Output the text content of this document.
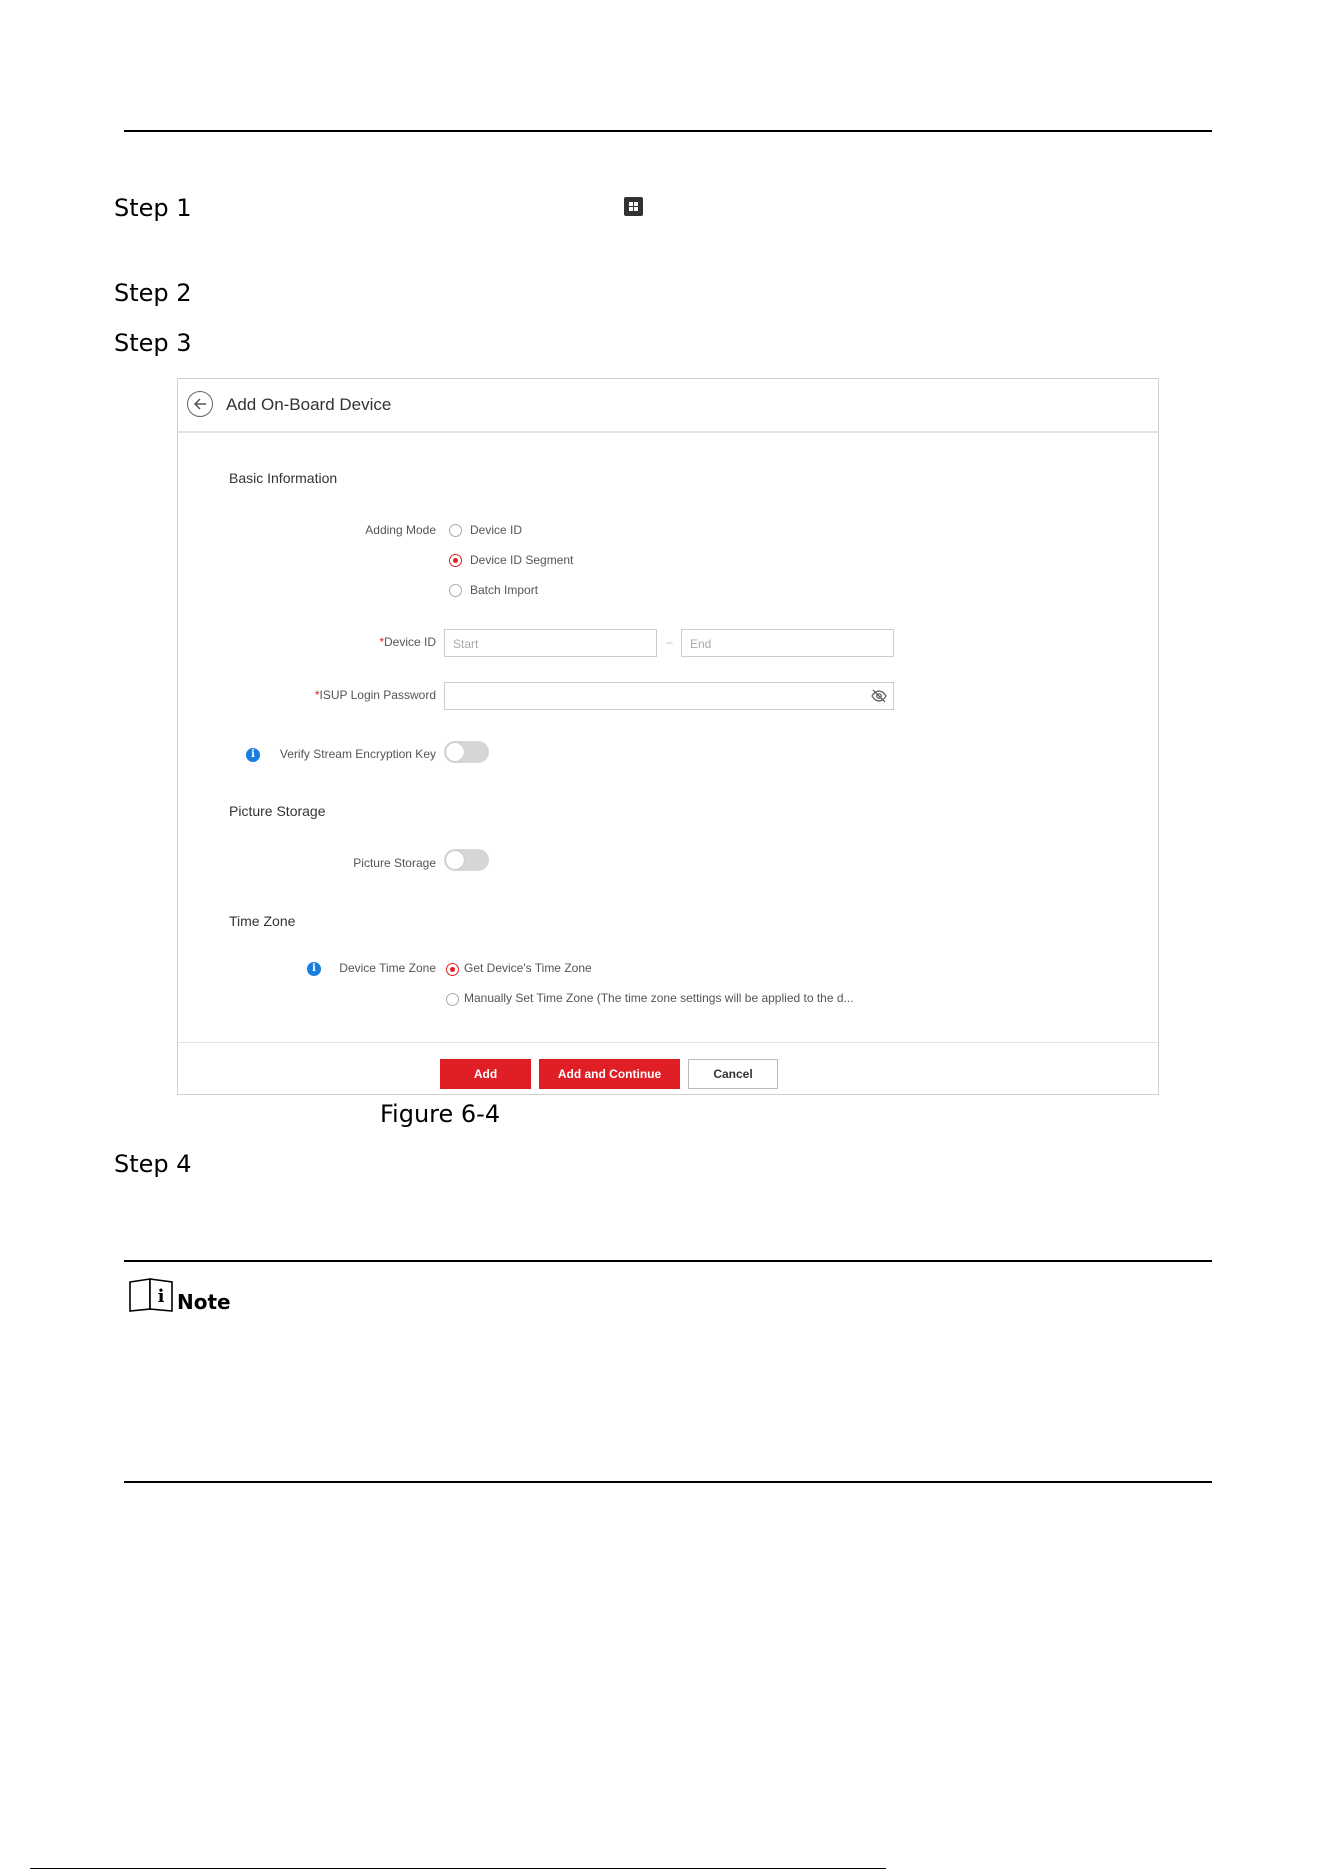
Step 1
Step 2
Step 3
Add On-Board Device
Basic Information
Adding Mode	Device ID
Device ID Segment
Batch Import
*Device ID	Start	–	End
*ISUP Login Password
i	Verify Stream Encryption Key
Picture Storage
Picture Storage
Time Zone
i	Device Time Zone Get Device's Time Zone
Manually Set Time Zone (The time zone settings will be applied to the d...
Add	Add and Continue	Cancel
Figure 6-4
Step 4
i Note
